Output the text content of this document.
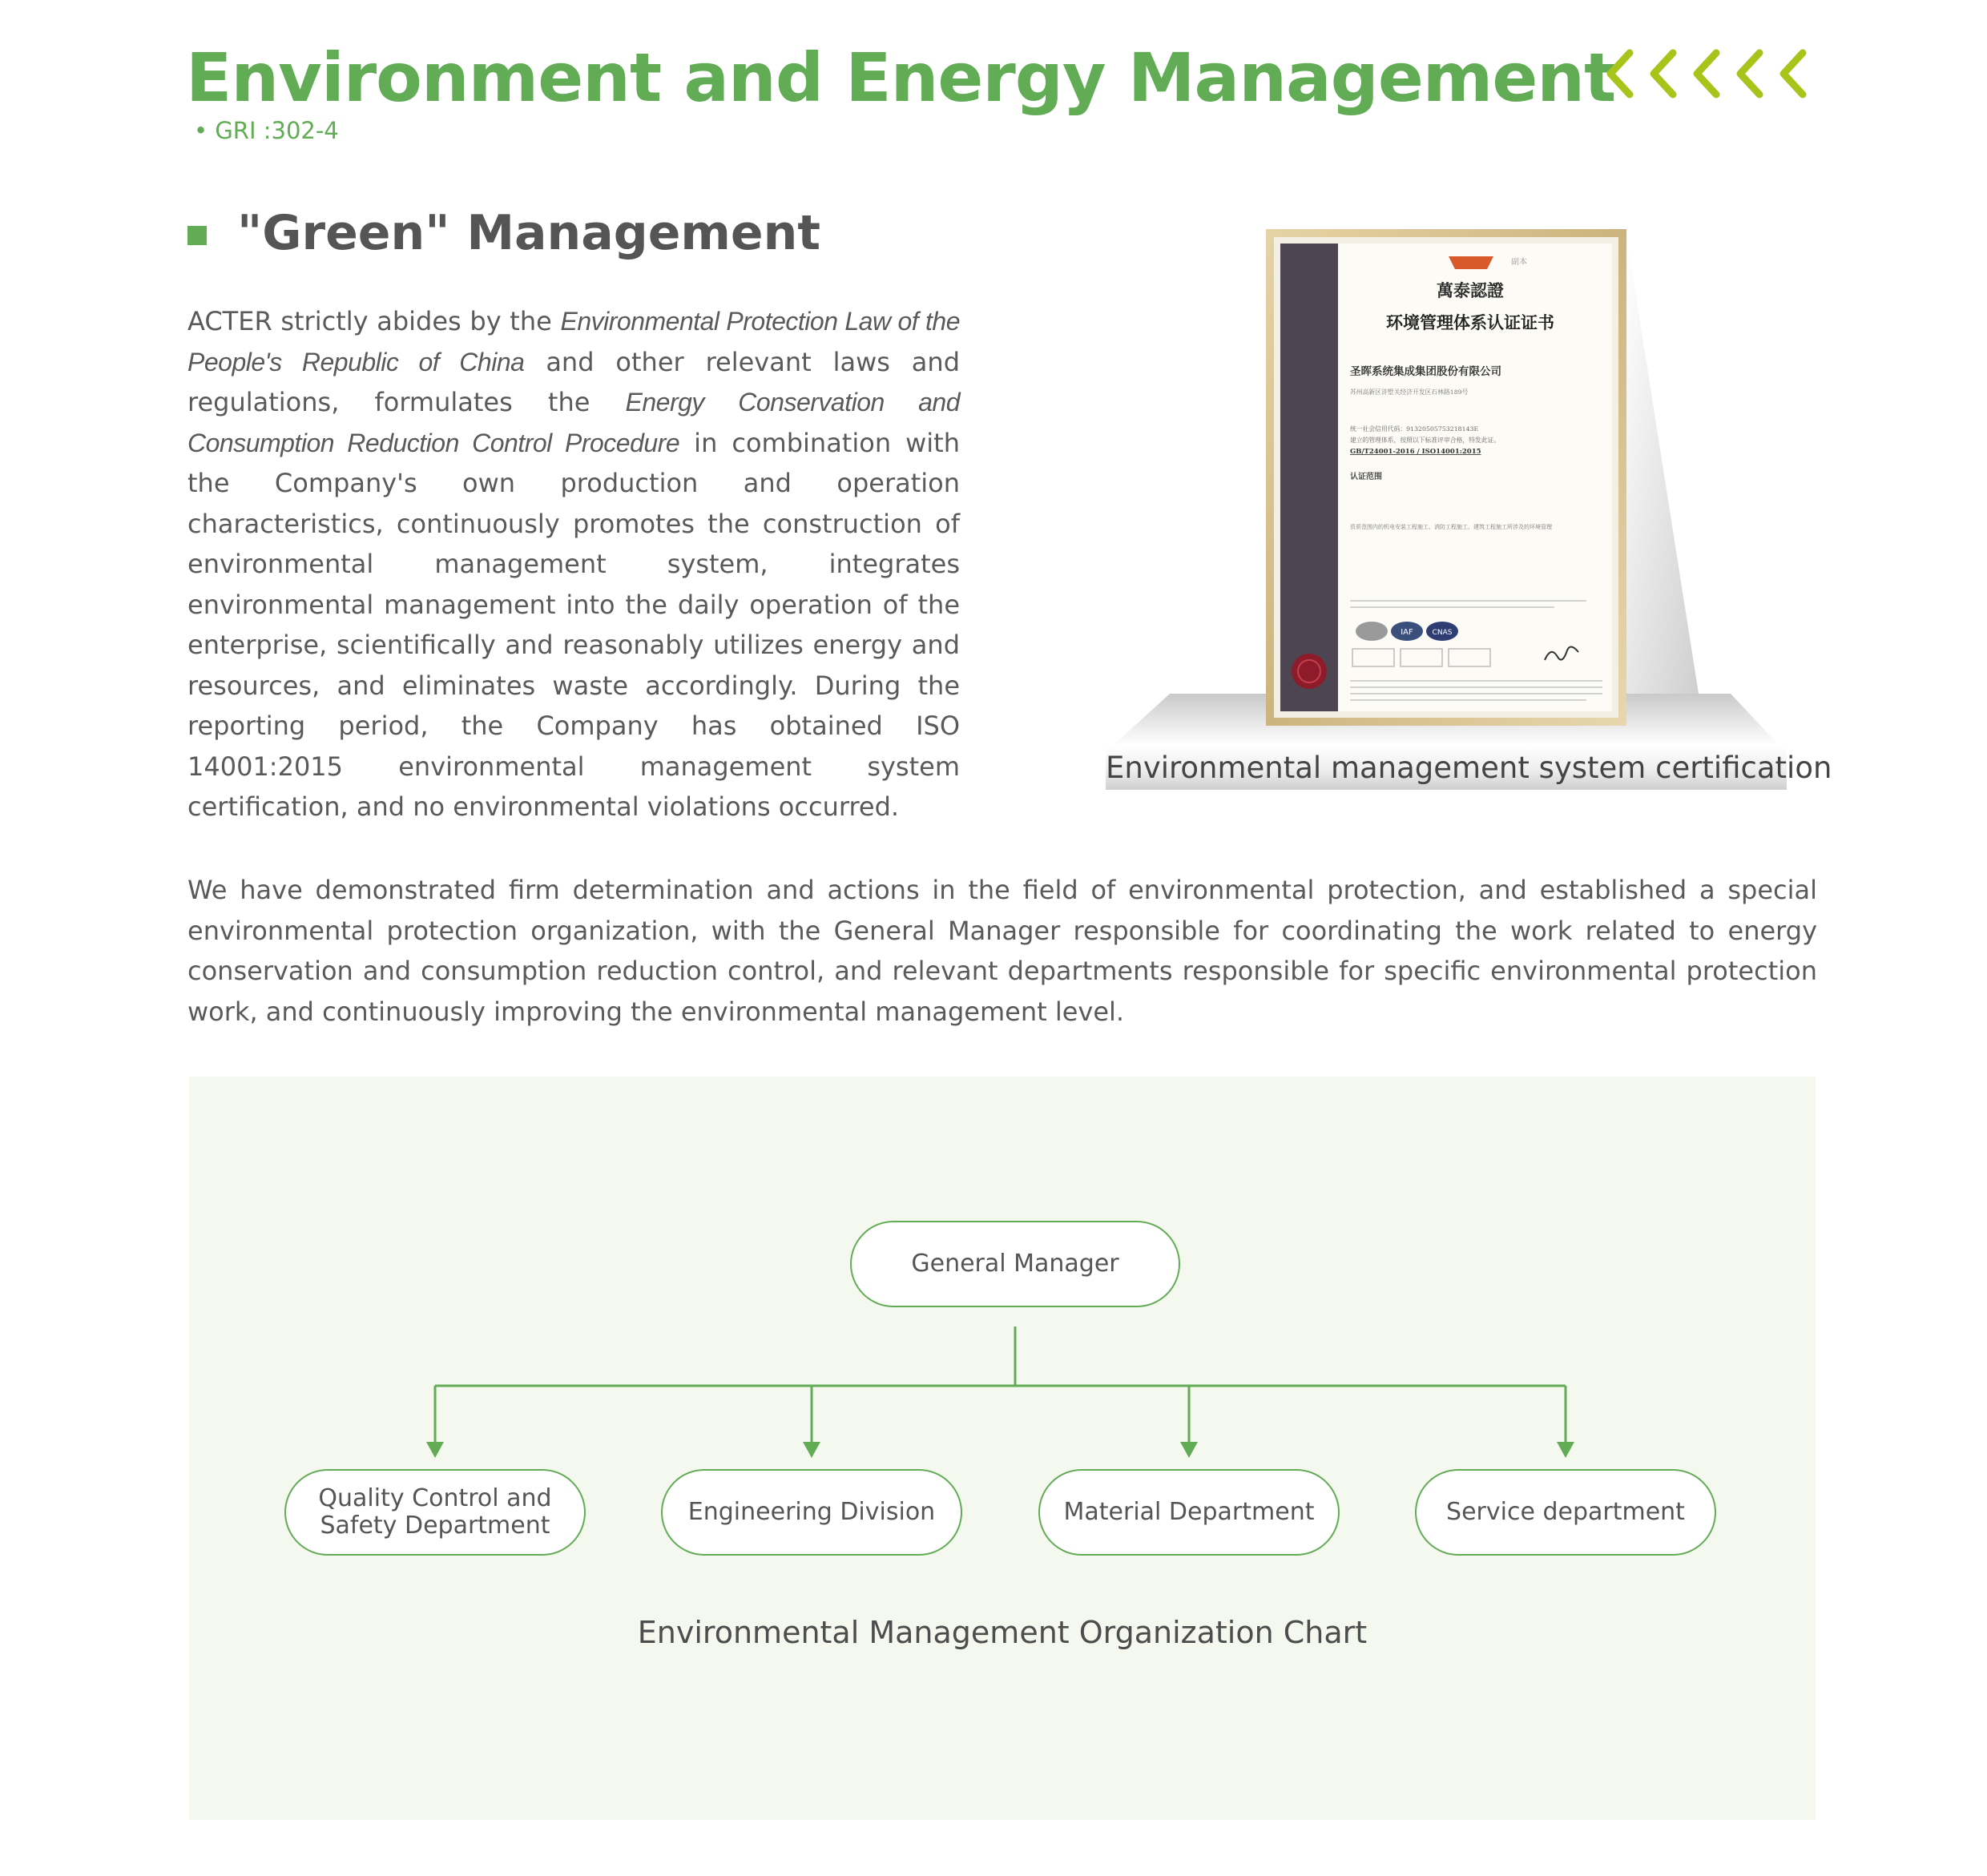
Environment and Energy Management
• GRI :302-4
"Green" Management

ACTER strictly abides by the Environmental Protection Law of the People's Republic of China and other relevant laws and regulations, formulates the Energy Conservation and Consumption Reduction Control Procedure in combination with the Company's own production and operation characteristics, continuously promotes the construction of environmental management system, integrates environmental management into the daily operation of the enterprise, scientifically and reasonably utilizes energy and resources, and eliminates waste accordingly. During the reporting period, the Company has obtained ISO 14001:2015 environmental management system certification, and no environmental violations occurred.

副本
萬泰認證
环境管理体系认证证书
圣晖系统集成集团股份有限公司
苏州高新区浒墅关经济开发区石林路189号
统一社会信用代码：91320505753218143E
建立的管理体系，按照以下标准评审合格，特发此证。
GB/T24001-2016 / ISO14001:2015
认证范围
资质范围内的机电安装工程施工、消防工程施工、建筑工程施工所涉及的环境管理
IAF	CNAS
Environmental management system certification

We have demonstrated firm determination and actions in the field of environmental protection, and established a special environmental protection organization, with the General Manager responsible for coordinating the work related to energy conservation and consumption reduction control, and relevant departments responsible for specific environmental protection work, and continuously improving the environmental management level.

General Manager
Quality Control and Safety Department	Engineering Division	Material Department	Service department
Environmental Management Organization Chart
